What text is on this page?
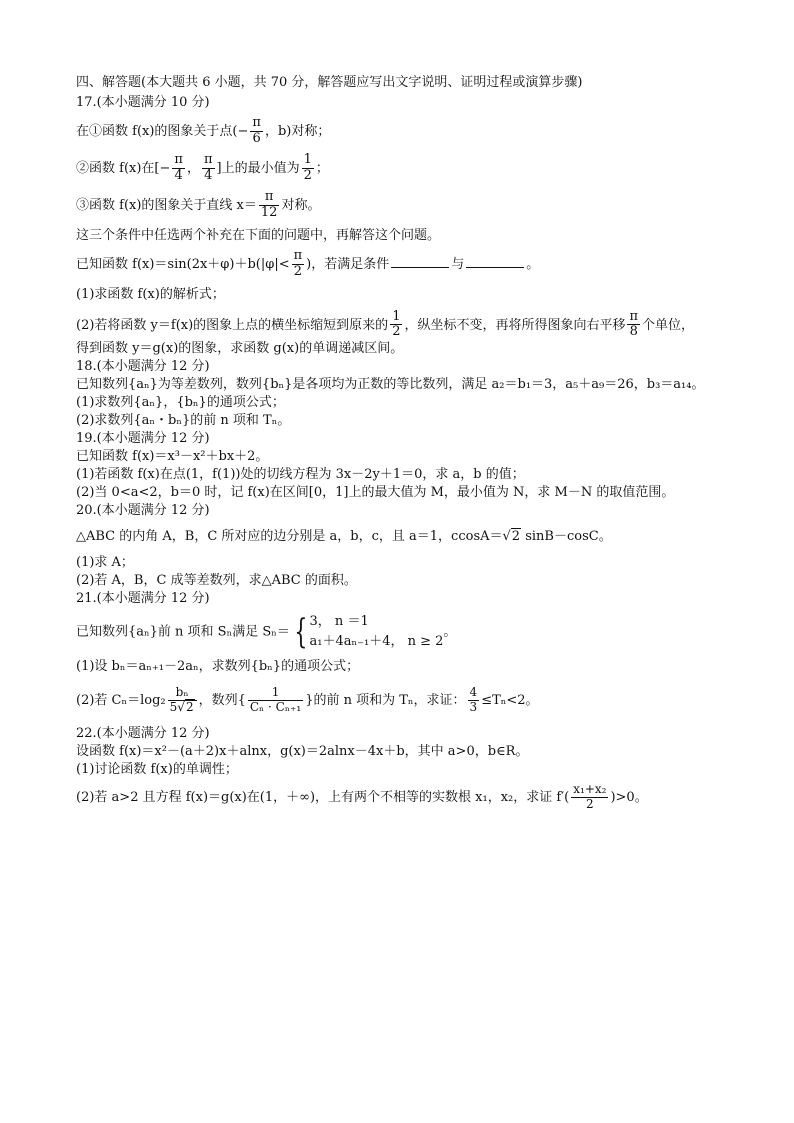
四、解答题(本大题共 6 小题，共 70 分，解答题应写出文字说明、证明过程或演算步骤)

17.(本小题满分 10 分)

在①函数 f(x)的图象关于点(− $\frac{\pi}{6}$ ，b)对称；

②函数 f(x)在[− $\frac{\pi}{4}$ ， $\frac{\pi}{4}$ ]上的最小值为 $\frac{1}{2}$ ；

③函数 f(x)的图象关于直线 $x= \frac{\pi}{12}$ 对称。

这三个条件中任选两个补充在下面的问题中，再解答这个问题。

已知函数 $f(x)=\sin(2x+\varphi)+b(|\varphi|< \frac{\pi}{2}$ )，若满足条件	与	。

(1)求函数 f(x)的解析式；

(2)若将函数 y＝f(x)的图象上点的横坐标缩短到原来的 $\frac{1}{2}$ ，纵坐标不变，再将所得图象向右平移 $\frac{\pi}{8}$ 个单位，

得到函数 y＝g(x)的图象，求函数 g(x)的单调递减区间。

18.(本小题满分 12 分)

已知数列{aₙ}为等差数列，数列{bₙ}是各项均为正数的等比数列，满足 a₂＝b₁＝3，a₅＋a₉＝26，b₃＝a₁₄。

(1)求数列{aₙ}，{bₙ}的通项公式；

(2)求数列{aₙ・bₙ}的前 n 项和 Tₙ。

19.(本小题满分 12 分)

已知函数 f(x)＝x³－x²＋bx＋2。

(1)若函数 f(x)在点(1，f(1))处的切线方程为 3x－2y＋1＝0，求 a，b 的值；

(2)当 0<a<2，b＝0 时，记 f(x)在区间[0，1]上的最大值为 M，最小值为 N，求 M－N 的取值范围。

20.(本小题满分 12 分)

△ABC 的内角 A，B，C 所对应的边分别是 a，b，c，且 a＝1，ccosA＝√2 sinB－cosC。

(1)求 A；

(2)若 A，B，C 成等差数列，求△ABC 的面积。

21.(本小题满分 12 分)

已知数列{aₙ}前 n 项和 Sₙ满足 Sₙ＝ { 3， n ＝1
a₁＋4aₙ₋₁＋4， n ≥ 2
。

(1)设 bₙ＝aₙ₊₁－2aₙ，求数列{bₙ}的通项公式；

(2)若 $C_n=\log_2 \frac{\text{bₙ}}{5√2}$ ，数列{ $\frac{1}{\text{Cₙ · Cₙ₊₁}}$ }的前 n 项和为 Tₙ，求证： $\frac{4}{3} \le T_n<2$。

22.(本小题满分 12 分)

设函数 f(x)＝x²－(a＋2)x＋alnx，g(x)＝2alnx－4x＋b，其中 a>0，b∈R。

(1)讨论函数 f(x)的单调性；

(2)若 a>2 且方程 f(x)＝g(x)在(1，＋∞)，上有两个不相等的实数根 x₁，x₂，求证 $f'( \frac{\text{x₁+x₂}}{2} )>0$。
